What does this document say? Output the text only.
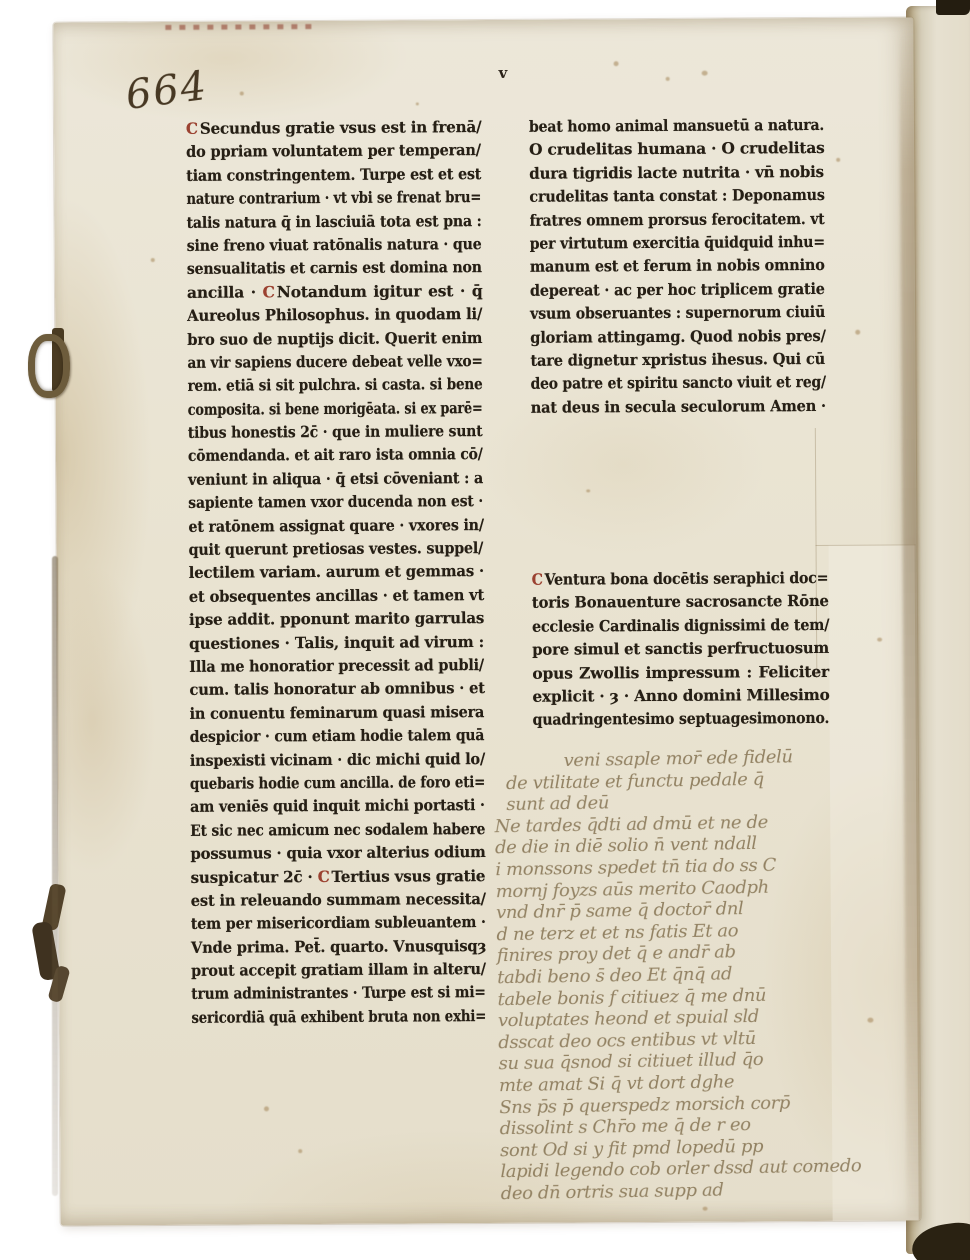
664	v
C Secundus gratie vsus est in frenā/
do ppriam voluntatem per temperan/
tiam constringentem. Turpe est et est
nature contrarium · vt vbi se frenat bru=
talis natura q̄ in lasciuiā tota est pna :
sine freno viuat ratōnalis natura · que
sensualitatis et carnis est domina non
ancilla · C Notandum igitur est · q̄
Aureolus Philosophus. in quodam li/
bro suo de nuptijs dicit. Querit enim
an vir sapiens ducere debeat velle vxo=
rem. etiā si sit pulchra. si casta. si bene
composita. si bene morigēata. si ex parē=
tibus honestis 2c̄ · que in muliere sunt
cōmendanda. et ait raro ista omnia cō/
veniunt in aliqua · q̄ etsi cōveniant : a
sapiente tamen vxor ducenda non est ·
et ratōnem assignat quare · vxores in/
quit querunt pretiosas vestes. suppel/
lectilem variam. aurum et gemmas ·
et obsequentes ancillas · et tamen vt
ipse addit. pponunt marito garrulas
questiones · Talis, inquit ad virum :
Illa me honoratior precessit ad publi/
cum. talis honoratur ab omnibus · et
in conuentu feminarum quasi misera
despicior · cum etiam hodie talem quā
inspexisti vicinam · dic michi quid lo/
quebaris hodie cum ancilla. de foro eti=
am veniēs quid inquit michi portasti ·
Et sic nec amicum nec sodalem habere
possumus · quia vxor alterius odium
suspicatur 2c̄ · C Tertius vsus gratie
est in releuando summam necessita/
tem per misericordiam subleuantem ·
Vnde prima. Pet̄. quarto. Vnusquisqȝ
prout accepit gratiam illam in alteru/
trum administrantes · Turpe est si mi=
sericordiā quā exhibent bruta non exhi=
beat homo animal mansuetū a natura.
O crudelitas humana · O crudelitas
dura tigridis lacte nutrita · vn̄ nobis
crudelitas tanta constat : Deponamus
fratres omnem prorsus ferocitatem. vt
per virtutum exercitia q̄uidquid inhu=
manum est et ferum in nobis omnino
depereat · ac per hoc triplicem gratie
vsum obseruantes : supernorum ciuiū
gloriam attingamg. Quod nobis pres/
tare dignetur xpristus ihesus. Qui cū
deo patre et spiritu sancto viuit et reg/
nat deus in secula seculorum Amen ·
C Ventura bona docētis seraphici doc=
toris Bonauenture sacrosancte Rōne
ecclesie Cardinalis dignissimi de tem/
pore simul et sanctis perfructuosum
opus Zwollis impressum : Feliciter
explicit · ȝ · Anno domini Millesimo
quadringentesimo septuagesimonono.
veni ssaple mor̄ ede fidelū
de vtilitate et functu pedale q̄
sunt ad deū
Ne tardes q̄dti ad dmū et ne de
de die in diē solio n̄ vent ndall
i monssons spedet tn̄ tia do ss C
mornj foyzs aūs merito Caodph
vnd dnr̄ p̄ same q̄ doctor̄ dnl
d ne terz et et ns fatis Et ao
finires proy det q̄ e andr̄ ab
tabdi beno s̄ deo Et q̄nq̄ ad
tabele bonis f citiuez q̄ me dnū
voluptates heond et spuial sld
dsscat deo ocs entibus vt vltū
su sua q̄snod si citiuet illud q̄o
mte amat Si q̄ vt dort dghe
Sns p̄s p̄ querspedz morsich corp̄
dissolint s Chr̄o me q̄ de r eo
sont Od si y fit pmd lopedū pp
lapidi legendo cob orler dssd aut comedo
deo dn̄ ortris sua supp ad
